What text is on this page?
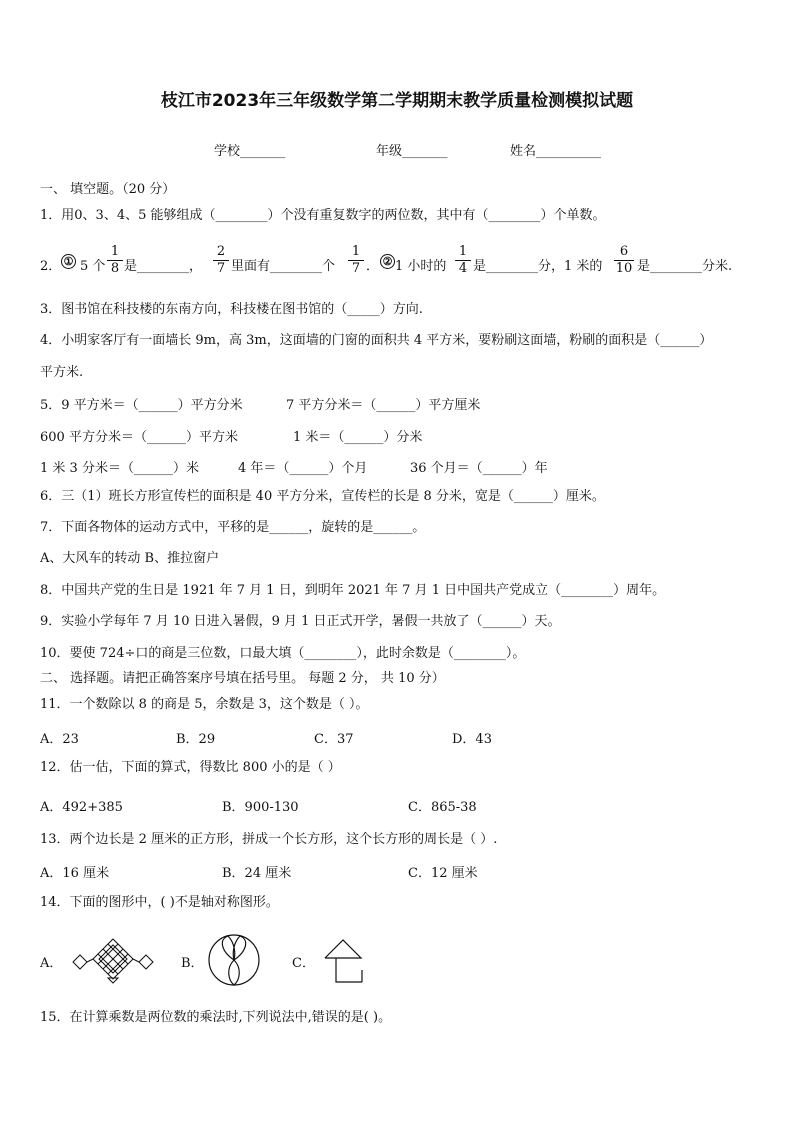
枝江市2023年三年级数学第二学期期末教学质量检测模拟试题
学校_______	年级_______	姓名__________
一、 填空题。（20 分）
1．用0、3、4、5 能够组成（________）个没有重复数字的两位数，其中有（________）个单数。
2． ① 5 个 $\frac{1}{8}$ 是________， $\frac{2}{7}$ 里面有________个 $\frac{1}{7}$ ． ② 1 小时的 $\frac{1}{4}$ 是________分，1 米的 $\frac{6}{10}$ 是________分米.
3．图书馆在科技楼的东南方向，科技楼在图书馆的（_____）方向.
4．小明家客厅有一面墙长 9m，高 3m，这面墙的门窗的面积共 4 平方米，要粉刷这面墙，粉刷的面积是（______）
平方米.
5．9 平方米＝（______）平方分米	7 平方分米＝（______）平方厘米
600 平方分米＝（______）平方米	1 米＝（______）分米
1 米 3 分米＝（______）米	4 年＝（______）个月	36 个月＝（______）年
6．三（1）班长方形宣传栏的面积是 40 平方分米，宣传栏的长是 8 分米，宽是（______）厘米。
7．下面各物体的运动方式中，平移的是______，旋转的是______。
A、大风车的转动 B、推拉窗户
8．中国共产党的生日是 1921 年 7 月 1 日，到明年 2021 年 7 月 1 日中国共产党成立（________）周年。
9．实验小学每年 7 月 10 日进入暑假，9 月 1 日正式开学，暑假一共放了（______）天。
10．要使 724÷口的商是三位数，口最大填（________），此时余数是（________）。
二、 选择题。请把正确答案序号填在括号里。 每题 2 分， 共 10 分）
11．一个数除以 8 的商是 5，余数是 3，这个数是（ ）。
A．23	B．29	C．37	D．43
12．估一估，下面的算式，得数比 800 小的是（ ）
A．492+385	B．900-130	C．865-38
13．两个边长是 2 厘米的正方形，拼成一个长方形，这个长方形的周长是（ ）.
A．16 厘米	B．24 厘米	C．12 厘米
14．下面的图形中，( )不是轴对称图形。
A．	B．	C．
15．在计算乘数是两位数的乘法时,下列说法中,错误的是( )。
